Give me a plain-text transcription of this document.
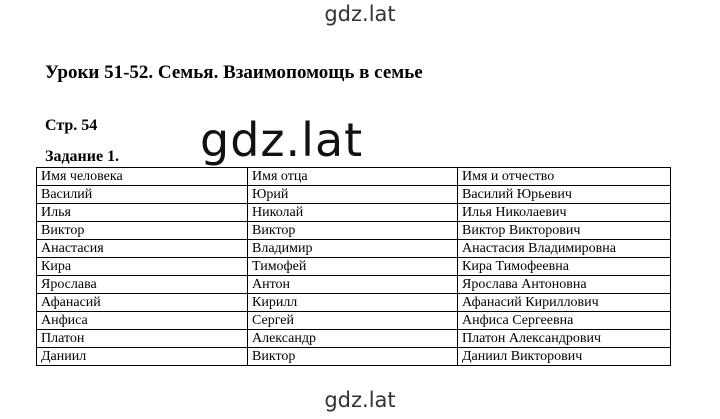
gdz.lat
Уроки 51-52. Семья. Взаимопомощь в семье
Стр. 54 gdz.lat
Задание 1.
Имя человека	Имя отца	Имя и отчество
Василий	Юрий	Василий Юрьевич
Илья	Николай	Илья Николаевич
Виктор	Виктор	Виктор Викторович
Анастасия	Владимир	Анастасия Владимировна
Кира	Тимофей	Кира Тимофеевна
Ярослава	Антон	Ярослава Антоновна
Афанасий	Кирилл	Афанасий Кириллович
Анфиса	Сергей	Анфиса Сергеевна
Платон	Александр	Платон Александрович
Даниил	Виктор	Даниил Викторович
gdz.lat
